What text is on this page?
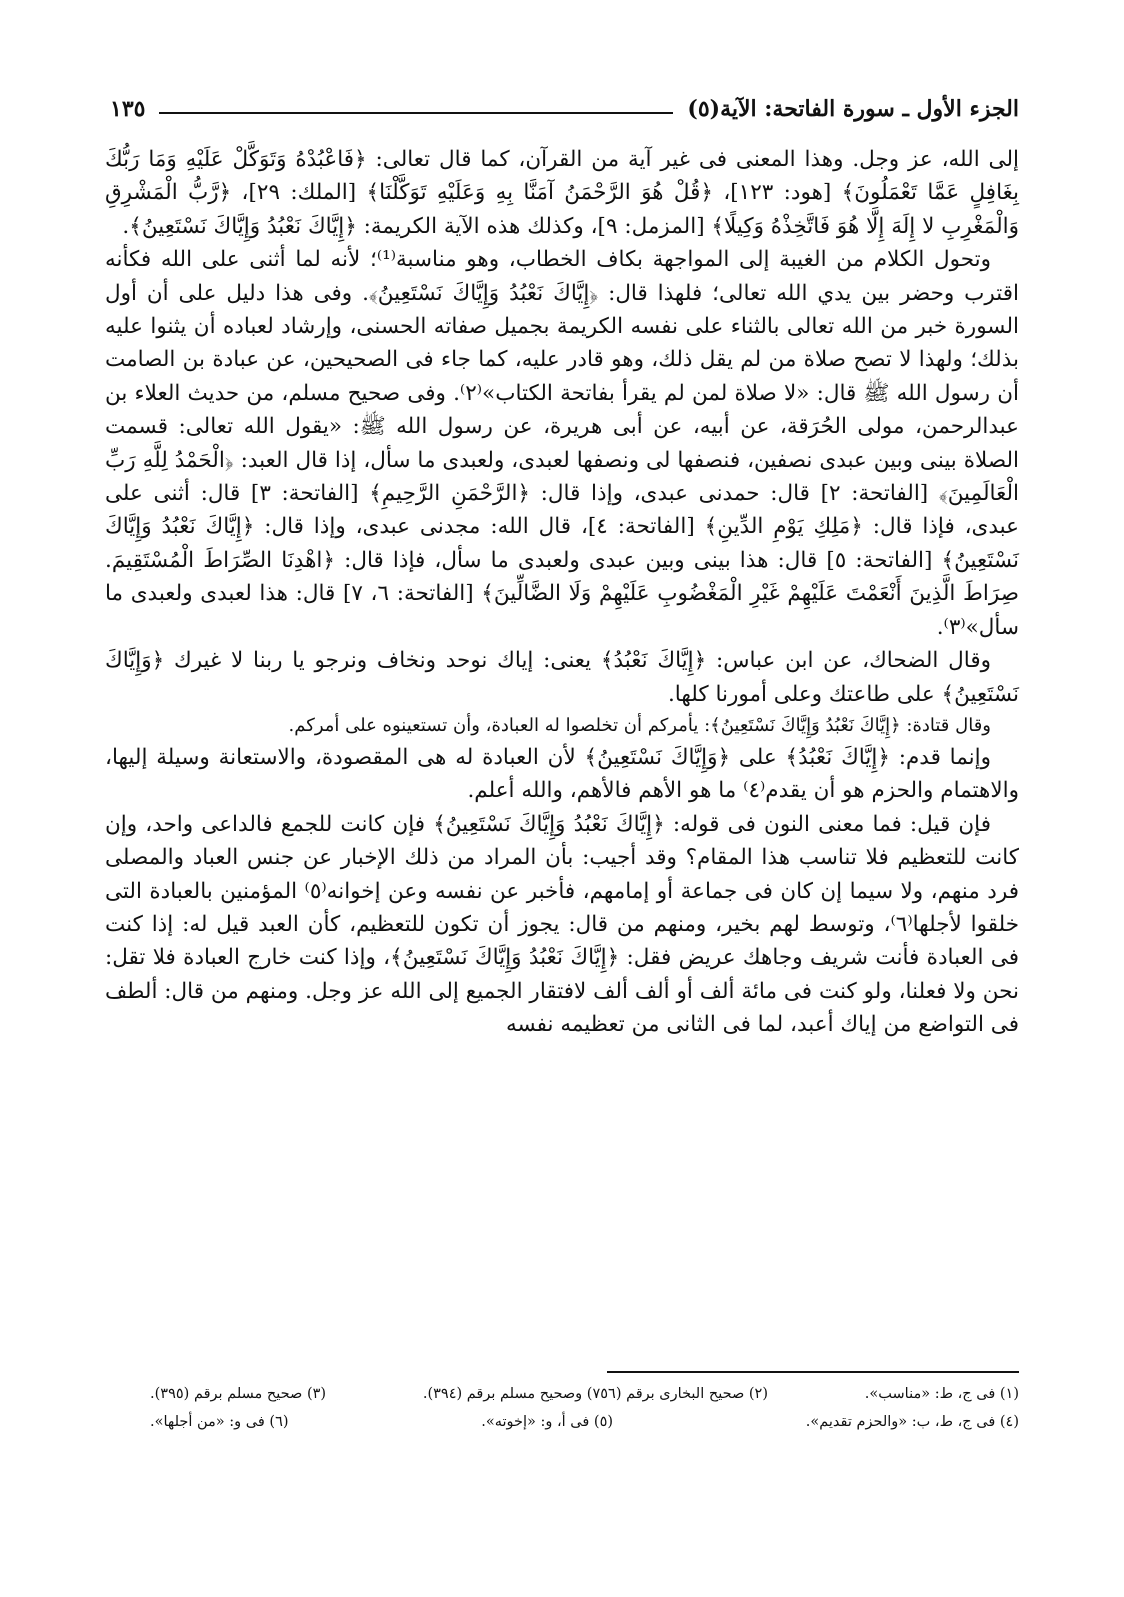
الجزء الأول ـ سورة الفاتحة: الآية(٥)
١٣٥

إلى الله، عز وجل. وهذا المعنى فى غير آية من القرآن، كما قال تعالى: ﴿فَاعْبُدْهُ وَتَوَكَّلْ عَلَيْهِ وَمَا رَبُّكَ بِغَافِلٍ عَمَّا تَعْمَلُونَ﴾ [هود: ١٢٣]، ﴿قُلْ هُوَ الرَّحْمَنُ آمَنَّا بِهِ وَعَلَيْهِ تَوَكَّلْنَا﴾ [الملك: ٢٩]، ﴿رَّبُّ الْمَشْرِقِ وَالْمَغْرِبِ لا إِلَهَ إِلَّا هُوَ فَاتَّخِذْهُ وَكِيلًا﴾ [المزمل: ٩]، وكذلك هذه الآية الكريمة: ﴿إِيَّاكَ نَعْبُدُ وَإِيَّاكَ نَسْتَعِينُ﴾.

وتحول الكلام من الغيبة إلى المواجهة بكاف الخطاب، وهو مناسبة⁽¹⁾؛ لأنه لما أثنى على الله فكأنه اقترب وحضر بين يدي الله تعالى؛ فلهذا قال: ﴿إِيَّاكَ نَعْبُدُ وَإِيَّاكَ نَسْتَعِينُ﴾. وفى هذا دليل على أن أول السورة خبر من الله تعالى بالثناء على نفسه الكريمة بجميل صفاته الحسنى، وإرشاد لعباده أن يثنوا عليه بذلك؛ ولهذا لا تصح صلاة من لم يقل ذلك، وهو قادر عليه، كما جاء فى الصحيحين، عن عبادة بن الصامت أن رسول الله ﷺ قال: «لا صلاة لمن لم يقرأ بفاتحة الكتاب»⁽٢⁾. وفى صحيح مسلم، من حديث العلاء بن عبدالرحمن، مولى الحُرَقة، عن أبيه، عن أبى هريرة، عن رسول الله ﷺ: «يقول الله تعالى: قسمت الصلاة بينى وبين عبدى نصفين، فنصفها لى ونصفها لعبدى، ولعبدى ما سأل، إذا قال العبد: ﴿الْحَمْدُ لِلَّهِ رَبِّ الْعَالَمِينَ﴾ [الفاتحة: ٢] قال: حمدنى عبدى، وإذا قال: ﴿الرَّحْمَنِ الرَّحِيمِ﴾ [الفاتحة: ٣] قال: أثنى على عبدى، فإذا قال: ﴿مَلِكِ يَوْمِ الدِّينِ﴾ [الفاتحة: ٤]، قال الله: مجدنى عبدى، وإذا قال: ﴿إِيَّاكَ نَعْبُدُ وَإِيَّاكَ نَسْتَعِينُ﴾ [الفاتحة: ٥] قال: هذا بينى وبين عبدى ولعبدى ما سأل، فإذا قال: ﴿اهْدِنَا الصِّرَاطَ الْمُسْتَقِيمَ. صِرَاطَ الَّذِينَ أَنْعَمْتَ عَلَيْهِمْ غَيْرِ الْمَغْضُوبِ عَلَيْهِمْ وَلَا الضَّالِّينَ﴾ [الفاتحة: ٦، ٧] قال: هذا لعبدى ولعبدى ما سأل»⁽٣⁾.

وقال الضحاك، عن ابن عباس: ﴿إِيَّاكَ نَعْبُدُ﴾ يعنى: إياك نوحد ونخاف ونرجو يا ربنا لا غيرك ﴿وَإِيَّاكَ نَسْتَعِينُ﴾ على طاعتك وعلى أمورنا كلها.

وقال قتادة: ﴿إِيَّاكَ نَعْبُدُ وَإِيَّاكَ نَسْتَعِينُ﴾: يأمركم أن تخلصوا له العبادة، وأن تستعينوه على أمركم.

وإنما قدم: ﴿إِيَّاكَ نَعْبُدُ﴾ على ﴿وَإِيَّاكَ نَسْتَعِينُ﴾ لأن العبادة له هى المقصودة، والاستعانة وسيلة إليها، والاهتمام والحزم هو أن يقدم⁽٤⁾ ما هو الأهم فالأهم، والله أعلم.

فإن قيل: فما معنى النون فى قوله: ﴿إِيَّاكَ نَعْبُدُ وَإِيَّاكَ نَسْتَعِينُ﴾ فإن كانت للجمع فالداعى واحد، وإن كانت للتعظيم فلا تناسب هذا المقام؟ وقد أجيب: بأن المراد من ذلك الإخبار عن جنس العباد والمصلى فرد منهم، ولا سيما إن كان فى جماعة أو إمامهم، فأخبر عن نفسه وعن إخوانه⁽٥⁾ المؤمنين بالعبادة التى خلقوا لأجلها⁽٦⁾، وتوسط لهم بخير، ومنهم من قال: يجوز أن تكون للتعظيم، كأن العبد قيل له: إذا كنت فى العبادة فأنت شريف وجاهك عريض فقل: ﴿إِيَّاكَ نَعْبُدُ وَإِيَّاكَ نَسْتَعِينُ﴾، وإذا كنت خارج العبادة فلا تقل: نحن ولا فعلنا، ولو كنت فى مائة ألف أو ألف ألف لافتقار الجميع إلى الله عز وجل. ومنهم من قال: ألطف فى التواضع من إياك أعبد، لما فى الثانى من تعظيمه نفسه

(١) فى ج، ط: «مناسب».
(٢) صحيح البخارى برقم (٧٥٦) وصحيح مسلم برقم (٣٩٤).
(٣) صحيح مسلم برقم (٣٩٥).
(٤) فى ج، ط، ب: «والحزم تقديم».
(٥) فى أ، و: «إخوته».
(٦) فى و: «من أجلها».
